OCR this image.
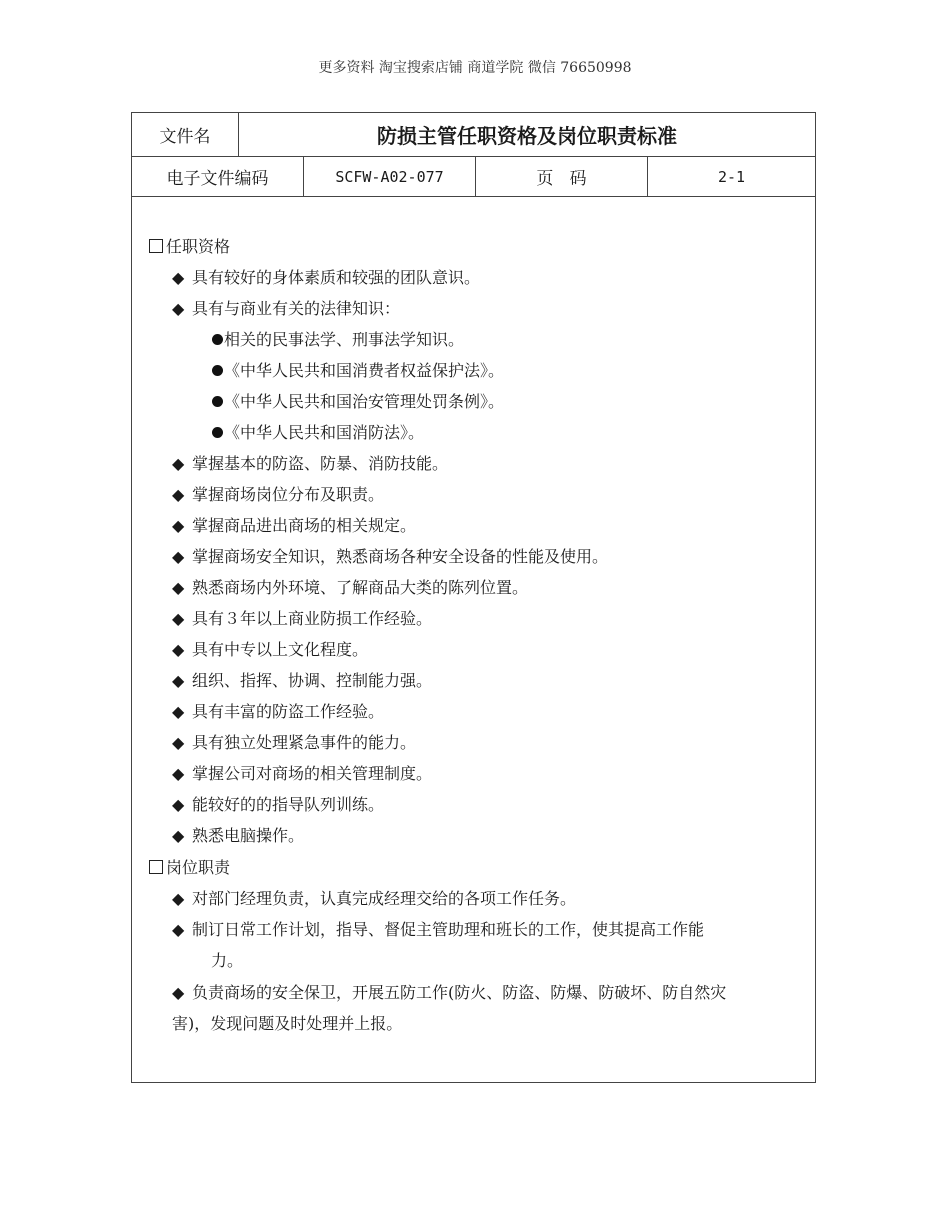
更多资料 淘宝搜索店铺 商道学院 微信 76650998
文件名	防损主管任职资格及岗位职责标准
电子文件编码	SCFW-A02-077	页   码	2-1
任职资格
◆ 具有较好的身体素质和较强的团队意识。
◆ 具有与商业有关的法律知识：
相关的民事法学、刑事法学知识。
《中华人民共和国消费者权益保护法》。
《中华人民共和国治安管理处罚条例》。
《中华人民共和国消防法》。
◆ 掌握基本的防盗、防暴、消防技能。
◆ 掌握商场岗位分布及职责。
◆ 掌握商品进出商场的相关规定。
◆ 掌握商场安全知识，熟悉商场各种安全设备的性能及使用。
◆ 熟悉商场内外环境、了解商品大类的陈列位置。
◆ 具有３年以上商业防损工作经验。
◆ 具有中专以上文化程度。
◆ 组织、指挥、协调、控制能力强。
◆ 具有丰富的防盗工作经验。
◆ 具有独立处理紧急事件的能力。
◆ 掌握公司对商场的相关管理制度。
◆ 能较好的的指导队列训练。
◆ 熟悉电脑操作。
岗位职责
◆ 对部门经理负责，认真完成经理交给的各项工作任务。
◆ 制订日常工作计划，指导、督促主管助理和班长的工作，使其提高工作能
力。
◆ 负责商场的安全保卫，开展五防工作(防火、防盗、防爆、防破坏、防自然灾
害)，发现问题及时处理并上报。
